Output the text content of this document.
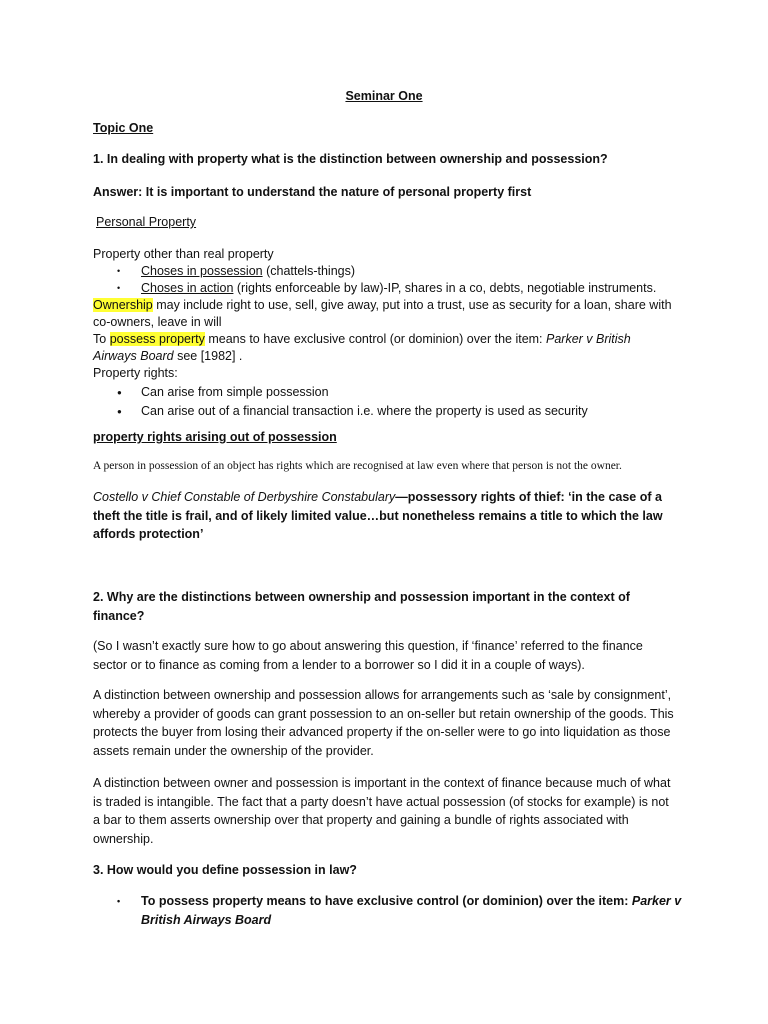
Seminar One
Topic One
1. In dealing with property what is the distinction between ownership and possession?
Answer: It is important to understand the nature of personal property first
Personal Property
Property other than real property
• Choses in possession (chattels-things)
• Choses in action (rights enforceable by law)-IP, shares in a co, debts, negotiable instruments.
Ownership may include right to use, sell, give away, put into a trust, use as security for a loan, share with co-owners, leave in will
To possess property means to have exclusive control (or dominion) over the item: Parker v British Airways Board see [1982] .
Property rights:
● Can arise from simple possession
● Can arise out of a financial transaction i.e. where the property is used as security
property rights arising out of possession
A person in possession of an object has rights which are recognised at law even where that person is not the owner.
Costello v Chief Constable of Derbyshire Constabulary—possessory rights of thief: ‘in the case of a theft the title is frail, and of likely limited value…but nonetheless remains a title to which the law affords protection’
2. Why are the distinctions between ownership and possession important in the context of finance?
(So I wasn’t exactly sure how to go about answering this question, if ‘finance’ referred to the finance sector or to finance as coming from a lender to a borrower so I did it in a couple of ways).
A distinction between ownership and possession allows for arrangements such as ‘sale by consignment’, whereby a provider of goods can grant possession to an on-seller but retain ownership of the goods. This protects the buyer from losing their advanced property if the on-seller were to go into liquidation as those assets remain under the ownership of the provider.
A distinction between owner and possession is important in the context of finance because much of what is traded is intangible. The fact that a party doesn’t have actual possession (of stocks for example) is not a bar to them asserts ownership over that property and gaining a bundle of rights associated with ownership.
3. How would you define possession in law?
• To possess property means to have exclusive control (or dominion) over the item: Parker v British Airways Board
